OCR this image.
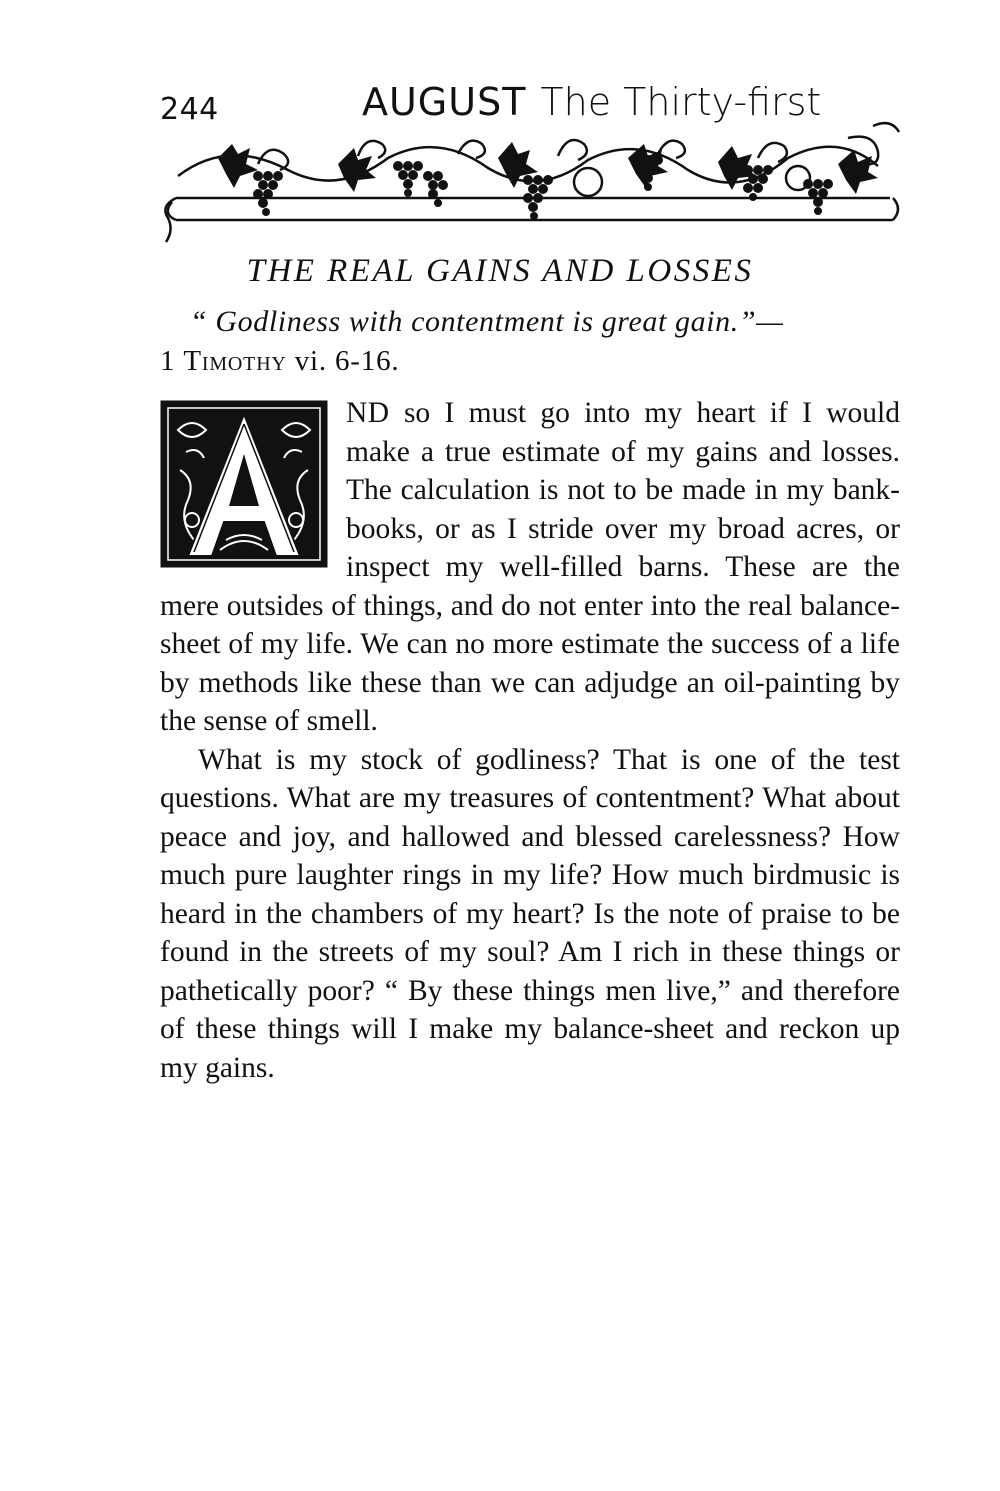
244	AUGUST The Thirty-first
THE REAL GAINS AND LOSSES
“ Godliness with contentment is great gain.”—
1 Timothy vi. 6-16.

ND so I must go into my heart if I would make a true estimate of my gains and losses. The calculation is not to be made in my bank-books, or as I stride over my broad acres, or inspect my well-filled barns. These are the mere outsides of things, and do not enter into the real balance-sheet of my life. We can no more estimate the success of a life by methods like these than we can adjudge an oil-painting by the sense of smell.

What is my stock of godliness? That is one of the test questions. What are my treasures of contentment? What about peace and joy, and hallowed and blessed carelessness? How much pure laughter rings in my life? How much birdmusic is heard in the chambers of my heart? Is the note of praise to be found in the streets of my soul? Am I rich in these things or pathetically poor? “ By these things men live,” and therefore of these things will I make my balance-sheet and reckon up my gains.
